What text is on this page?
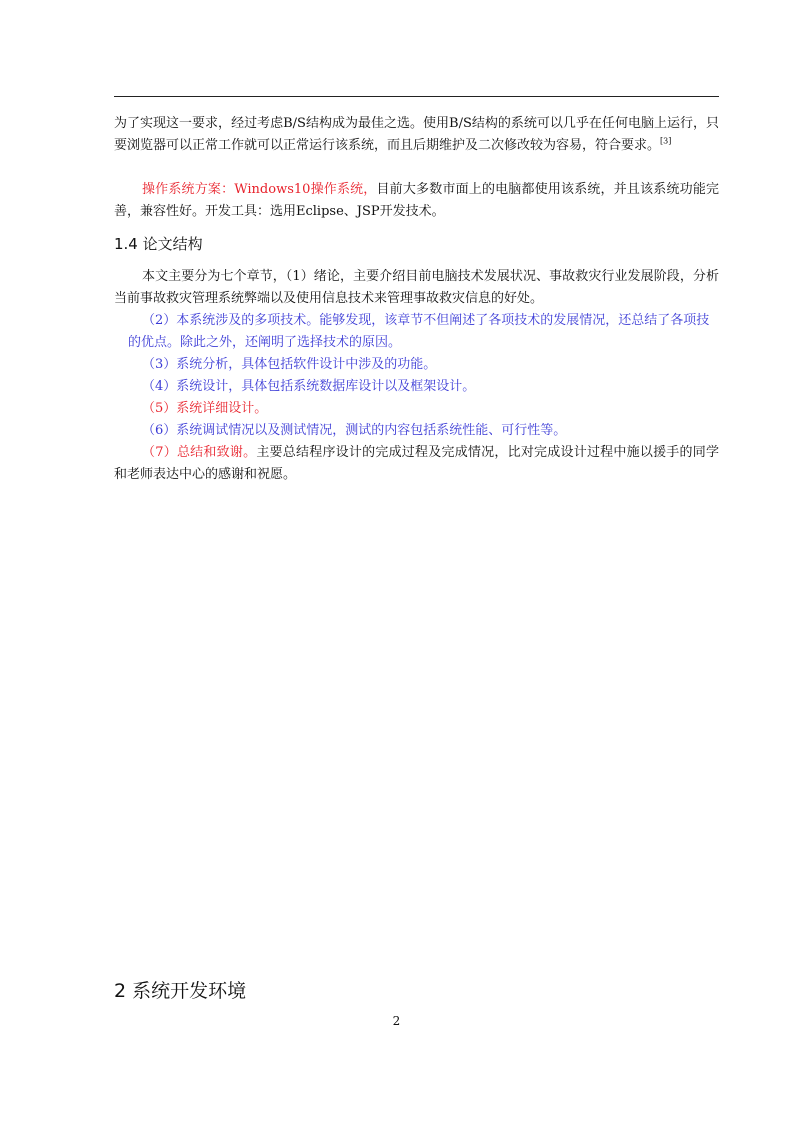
为了实现这一要求，经过考虑B/S结构成为最佳之选。使用B/S结构的系统可以几乎在任何电脑上运行，只要浏览器可以正常工作就可以正常运行该系统，而且后期维护及二次修改较为容易，符合要求。[3]

操作系统方案：Windows10操作系统，目前大多数市面上的电脑都使用该系统，并且该系统功能完善，兼容性好。开发工具：选用Eclipse、JSP开发技术。

1.4 论文结构

本文主要分为七个章节，（1）绪论，主要介绍目前电脑技术发展状况、事故救灾行业发展阶段，分析当前事故救灾管理系统弊端以及使用信息技术来管理事故救灾信息的好处。

（2）本系统涉及的多项技术。能够发现，该章节不但阐述了各项技术的发展情况，还总结了各项技的优点。除此之外，还阐明了选择技术的原因。

（3）系统分析，具体包括软件设计中涉及的功能。

（4）系统设计，具体包括系统数据库设计以及框架设计。

（5）系统详细设计。

（6）系统调试情况以及测试情况，测试的内容包括系统性能、可行性等。

（7）总结和致谢。主要总结程序设计的完成过程及完成情况，比对完成设计过程中施以援手的同学和老师表达中心的感谢和祝愿。

2 系统开发环境
2
